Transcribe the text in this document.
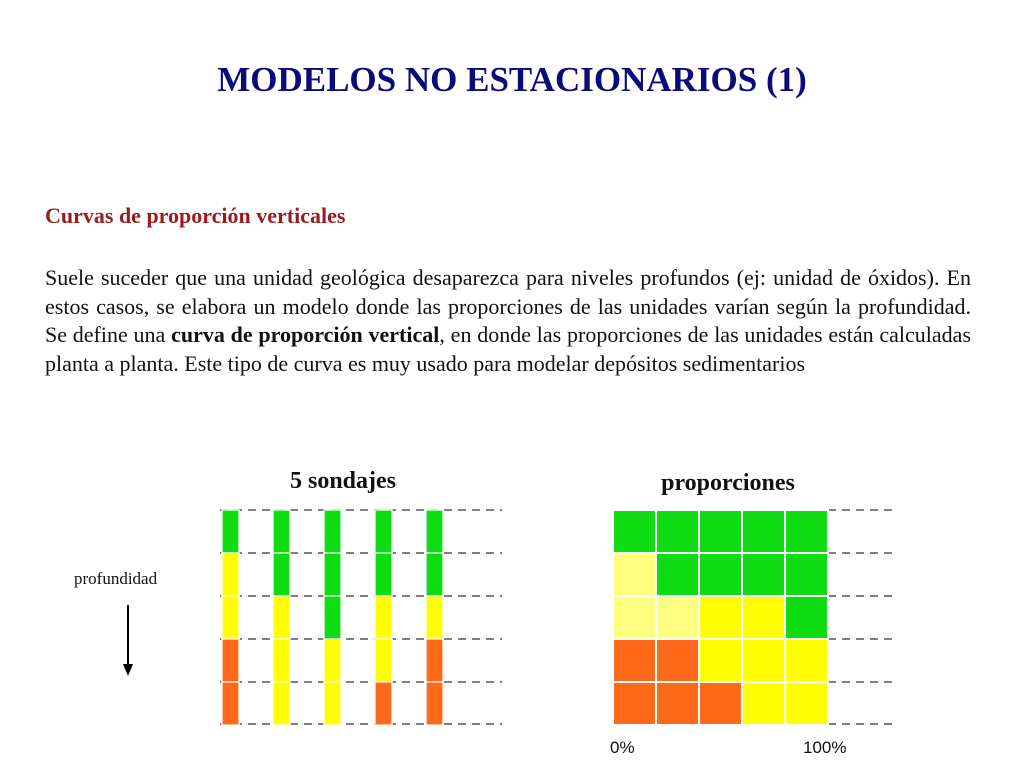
MODELOS NO ESTACIONARIOS (1)
Curvas de proporción verticales
Suele suceder que una unidad geológica desaparezca para niveles profundos (ej: unidad de óxidos). En estos casos, se elabora un modelo donde las proporciones de las unidades varían según la profundidad. Se define una curva de proporción vertical, en donde las proporciones de las unidades están calculadas planta a planta. Este tipo de curva es muy usado para modelar depósitos sedimentarios
5 sondajes	proporciones
profundidad
0%	100%
